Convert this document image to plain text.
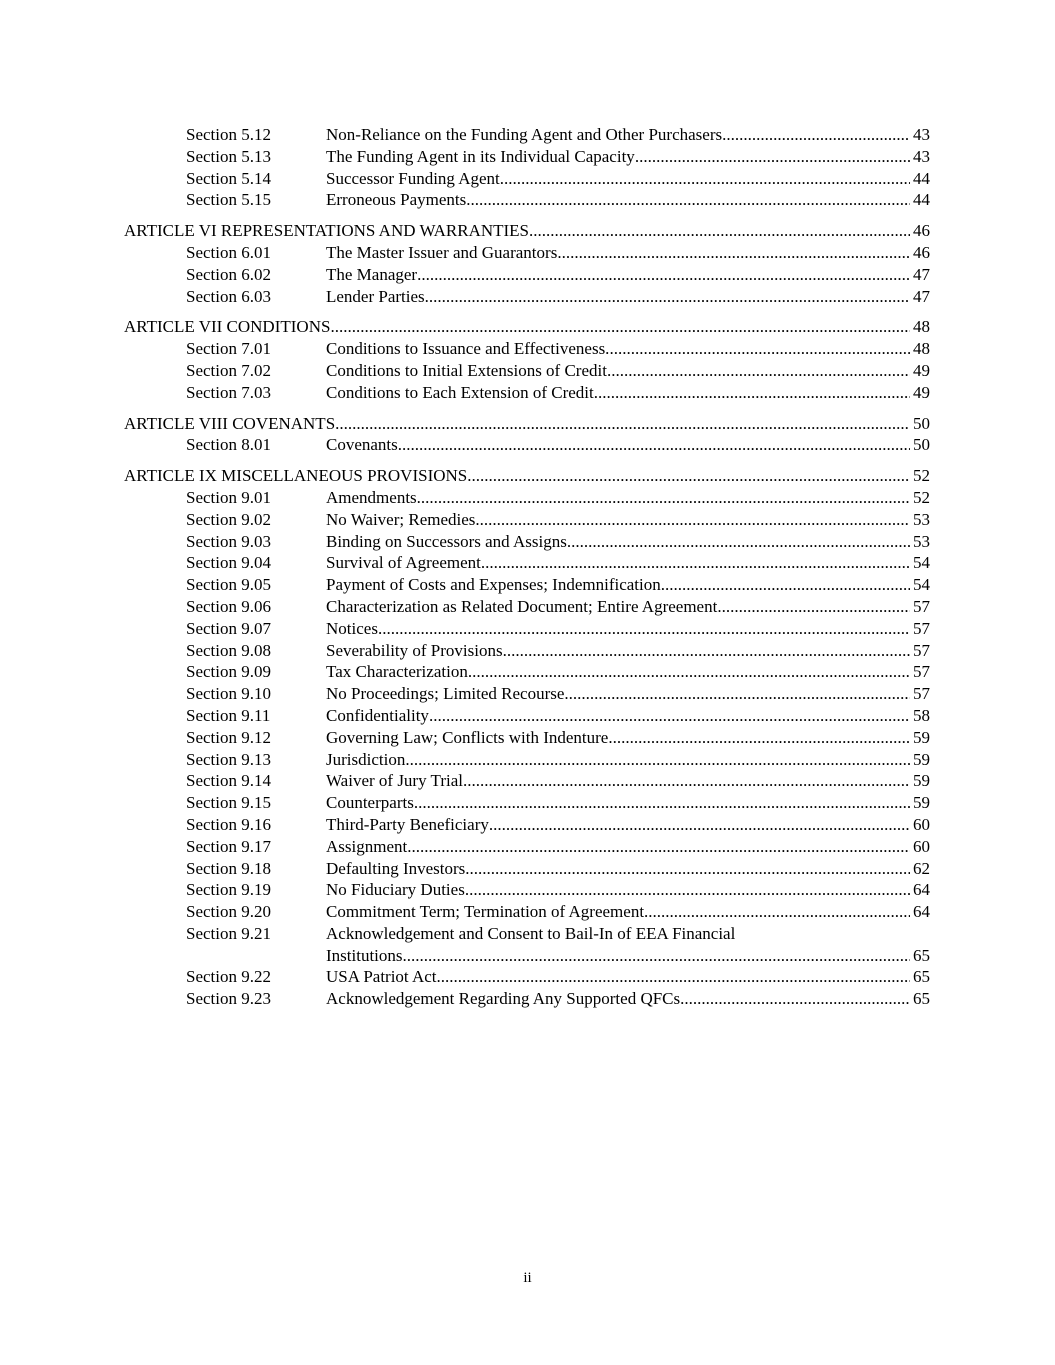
Section 5.12	Non-Reliance on the Funding Agent and Other Purchasers .....	43
Section 5.13	The Funding Agent in its Individual Capacity .....	43
Section 5.14	Successor Funding Agent .....	44
Section 5.15	Erroneous Payments. .....	44
ARTICLE VI REPRESENTATIONS AND WARRANTIES .....	46
Section 6.01	The Master Issuer and Guarantors .....	46
Section 6.02	The Manager .....	47
Section 6.03	Lender Parties .....	47
ARTICLE VII CONDITIONS .....	48
Section 7.01	Conditions to Issuance and Effectiveness. .....	48
Section 7.02	Conditions to Initial Extensions of Credit .....	49
Section 7.03	Conditions to Each Extension of Credit .....	49
ARTICLE VIII COVENANTS .....	50
Section 8.01	Covenants .....	50
ARTICLE IX MISCELLANEOUS PROVISIONS .....	52
Section 9.01	Amendments .....	52
Section 9.02	No Waiver; Remedies .....	53
Section 9.03	Binding on Successors and Assigns .....	53
Section 9.04	Survival of Agreement .....	54
Section 9.05	Payment of Costs and Expenses; Indemnification .....	54
Section 9.06	Characterization as Related Document; Entire Agreement .....	57
Section 9.07	Notices .....	57
Section 9.08	Severability of Provisions .....	57
Section 9.09	Tax Characterization .....	57
Section 9.10	No Proceedings; Limited Recourse .....	57
Section 9.11	Confidentiality .....	58
Section 9.12	Governing Law; Conflicts with Indenture .....	59
Section 9.13	Jurisdiction .....	59
Section 9.14	Waiver of Jury Trial .....	59
Section 9.15	Counterparts .....	59
Section 9.16	Third-Party Beneficiary .....	60
Section 9.17	Assignment .....	60
Section 9.18	Defaulting Investors .....	62
Section 9.19	No Fiduciary Duties .....	64
Section 9.20	Commitment Term; Termination of Agreement .....	64
Section 9.21	Acknowledgement and Consent to Bail-In of EEA Financial
Institutions. .....	65
Section 9.22	USA Patriot Act .....	65
Section 9.23	Acknowledgement Regarding Any Supported QFCs .....	65
ii
